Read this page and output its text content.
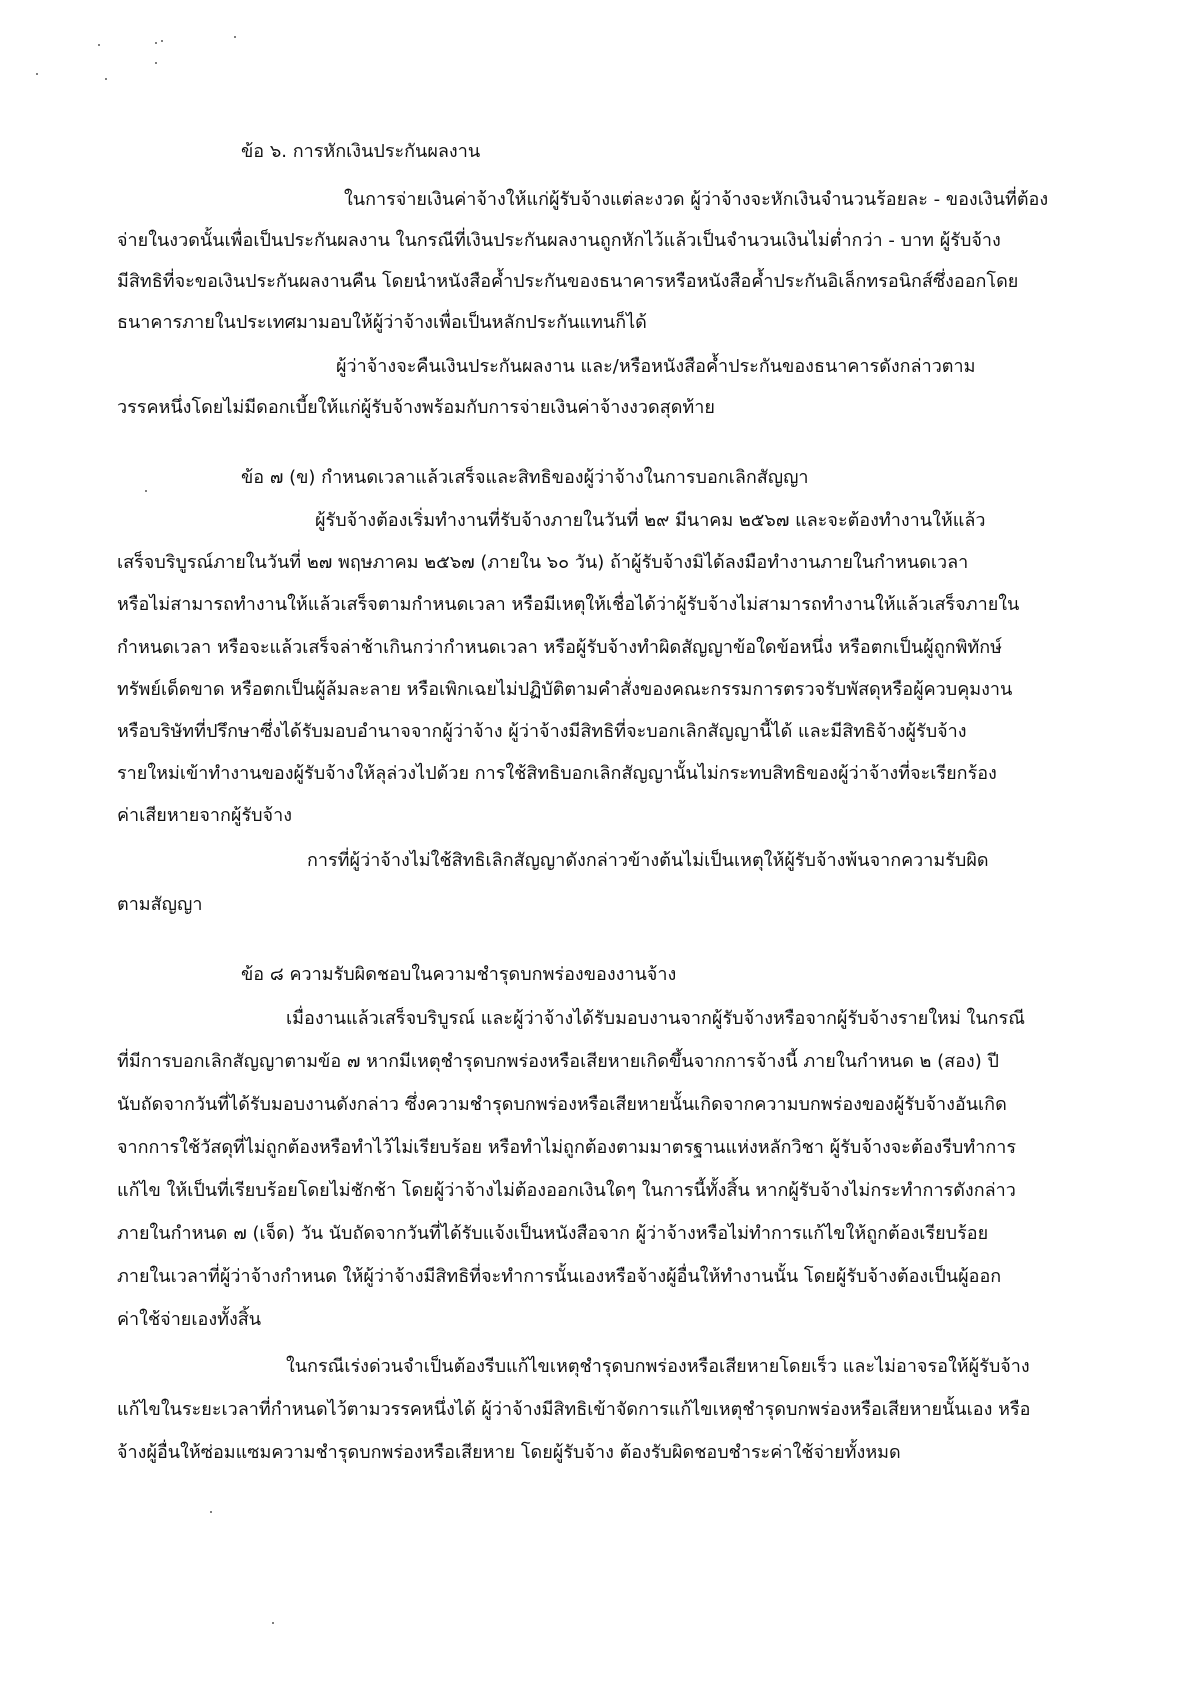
ข้อ ๖. การหักเงินประกันผลงาน
ในการจ่ายเงินค่าจ้างให้แก่ผู้รับจ้างแต่ละงวด ผู้ว่าจ้างจะหักเงินจำนวนร้อยละ - ของเงินที่ต้อง
จ่ายในงวดนั้นเพื่อเป็นประกันผลงาน ในกรณีที่เงินประกันผลงานถูกหักไว้แล้วเป็นจำนวนเงินไม่ต่ำกว่า - บาท ผู้รับจ้าง
มีสิทธิที่จะขอเงินประกันผลงานคืน โดยนำหนังสือค้ำประกันของธนาคารหรือหนังสือค้ำประกันอิเล็กทรอนิกส์ซึ่งออกโดย
ธนาคารภายในประเทศมามอบให้ผู้ว่าจ้างเพื่อเป็นหลักประกันแทนก็ได้
ผู้ว่าจ้างจะคืนเงินประกันผลงาน และ/หรือหนังสือค้ำประกันของธนาคารดังกล่าวตาม
วรรคหนึ่งโดยไม่มีดอกเบี้ยให้แก่ผู้รับจ้างพร้อมกับการจ่ายเงินค่าจ้างงวดสุดท้าย
ข้อ ๗ (ข) กำหนดเวลาแล้วเสร็จและสิทธิของผู้ว่าจ้างในการบอกเลิกสัญญา
ผู้รับจ้างต้องเริ่มทำงานที่รับจ้างภายในวันที่ ๒๙ มีนาคม ๒๕๖๗ และจะต้องทำงานให้แล้ว
เสร็จบริบูรณ์ภายในวันที่ ๒๗ พฤษภาคม ๒๕๖๗ (ภายใน ๖๐ วัน) ถ้าผู้รับจ้างมิได้ลงมือทำงานภายในกำหนดเวลา
หรือไม่สามารถทำงานให้แล้วเสร็จตามกำหนดเวลา หรือมีเหตุให้เชื่อได้ว่าผู้รับจ้างไม่สามารถทำงานให้แล้วเสร็จภายใน
กำหนดเวลา หรือจะแล้วเสร็จล่าช้าเกินกว่ากำหนดเวลา หรือผู้รับจ้างทำผิดสัญญาข้อใดข้อหนึ่ง หรือตกเป็นผู้ถูกพิทักษ์
ทรัพย์เด็ดขาด หรือตกเป็นผู้ล้มละลาย หรือเพิกเฉยไม่ปฏิบัติตามคำสั่งของคณะกรรมการตรวจรับพัสดุหรือผู้ควบคุมงาน
หรือบริษัทที่ปรึกษาซึ่งได้รับมอบอำนาจจากผู้ว่าจ้าง ผู้ว่าจ้างมีสิทธิที่จะบอกเลิกสัญญานี้ได้ และมีสิทธิจ้างผู้รับจ้าง
รายใหม่เข้าทำงานของผู้รับจ้างให้ลุล่วงไปด้วย การใช้สิทธิบอกเลิกสัญญานั้นไม่กระทบสิทธิของผู้ว่าจ้างที่จะเรียกร้อง
ค่าเสียหายจากผู้รับจ้าง
การที่ผู้ว่าจ้างไม่ใช้สิทธิเลิกสัญญาดังกล่าวข้างต้นไม่เป็นเหตุให้ผู้รับจ้างพ้นจากความรับผิด
ตามสัญญา
ข้อ ๘ ความรับผิดชอบในความชำรุดบกพร่องของงานจ้าง
เมื่องานแล้วเสร็จบริบูรณ์ และผู้ว่าจ้างได้รับมอบงานจากผู้รับจ้างหรือจากผู้รับจ้างรายใหม่ ในกรณี
ที่มีการบอกเลิกสัญญาตามข้อ ๗ หากมีเหตุชำรุดบกพร่องหรือเสียหายเกิดขึ้นจากการจ้างนี้ ภายในกำหนด ๒ (สอง) ปี
นับถัดจากวันที่ได้รับมอบงานดังกล่าว ซึ่งความชำรุดบกพร่องหรือเสียหายนั้นเกิดจากความบกพร่องของผู้รับจ้างอันเกิด
จากการใช้วัสดุที่ไม่ถูกต้องหรือทำไว้ไม่เรียบร้อย หรือทำไม่ถูกต้องตามมาตรฐานแห่งหลักวิชา ผู้รับจ้างจะต้องรีบทำการ
แก้ไข ให้เป็นที่เรียบร้อยโดยไม่ชักช้า โดยผู้ว่าจ้างไม่ต้องออกเงินใดๆ ในการนี้ทั้งสิ้น หากผู้รับจ้างไม่กระทำการดังกล่าว
ภายในกำหนด ๗ (เจ็ด) วัน นับถัดจากวันที่ได้รับแจ้งเป็นหนังสือจาก ผู้ว่าจ้างหรือไม่ทำการแก้ไขให้ถูกต้องเรียบร้อย
ภายในเวลาที่ผู้ว่าจ้างกำหนด ให้ผู้ว่าจ้างมีสิทธิที่จะทำการนั้นเองหรือจ้างผู้อื่นให้ทำงานนั้น โดยผู้รับจ้างต้องเป็นผู้ออก
ค่าใช้จ่ายเองทั้งสิ้น
ในกรณีเร่งด่วนจำเป็นต้องรีบแก้ไขเหตุชำรุดบกพร่องหรือเสียหายโดยเร็ว และไม่อาจรอให้ผู้รับจ้าง
แก้ไขในระยะเวลาที่กำหนดไว้ตามวรรคหนึ่งได้ ผู้ว่าจ้างมีสิทธิเข้าจัดการแก้ไขเหตุชำรุดบกพร่องหรือเสียหายนั้นเอง หรือ
จ้างผู้อื่นให้ซ่อมแซมความชำรุดบกพร่องหรือเสียหาย โดยผู้รับจ้าง ต้องรับผิดชอบชำระค่าใช้จ่ายทั้งหมด
